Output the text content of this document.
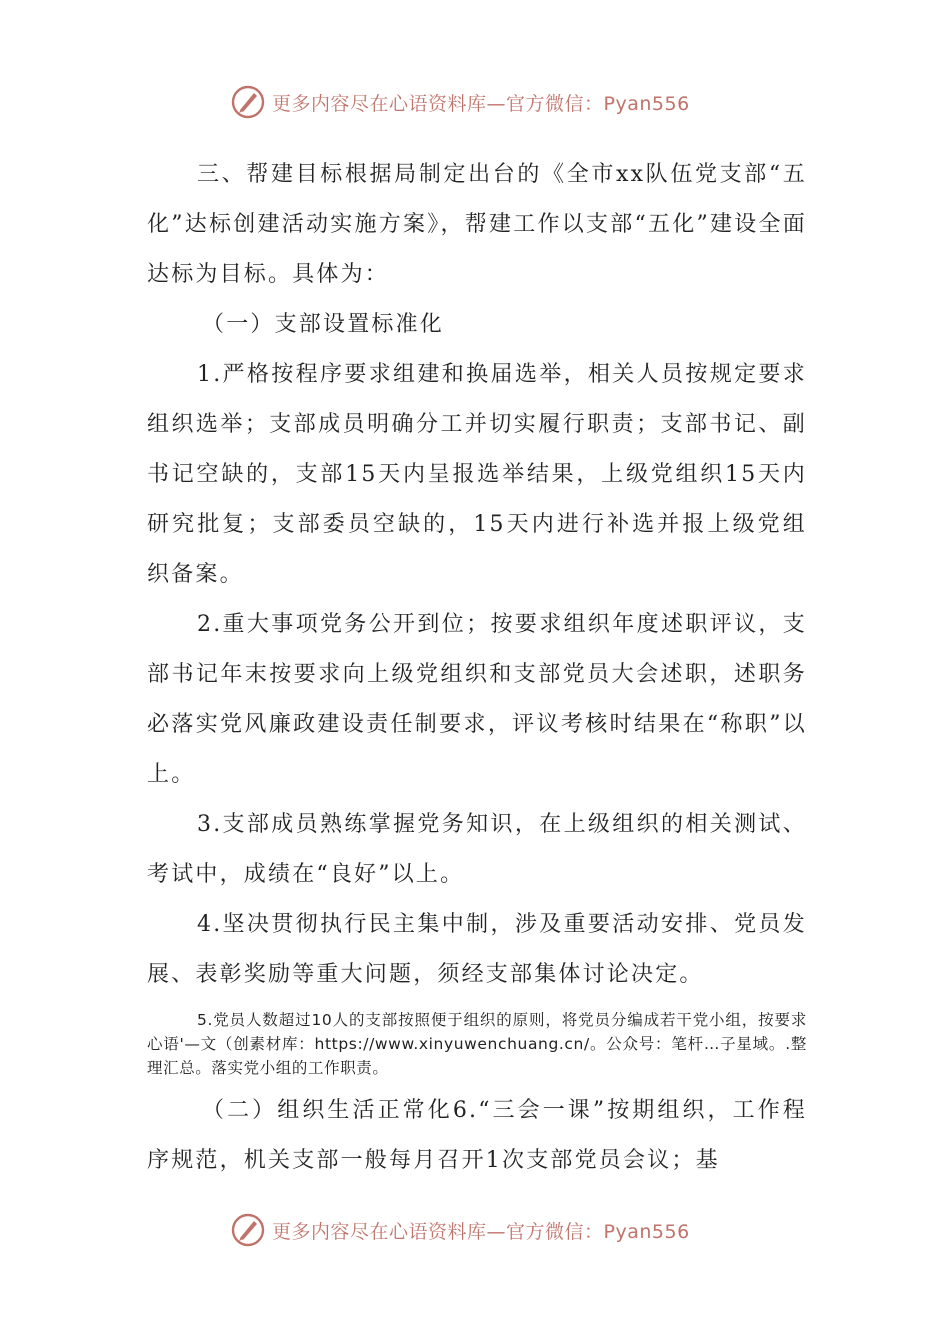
更多内容尽在心语资料库—官方微信：Pyan556

三、帮建目标根据局制定出台的《全市xx队伍党支部“五化”达标创建活动实施方案》，帮建工作以支部“五化”建设全面达标为目标。具体为：

（一）支部设置标准化

1.严格按程序要求组建和换届选举，相关人员按规定要求组织选举；支部成员明确分工并切实履行职责；支部书记、副书记空缺的，支部15天内呈报选举结果，上级党组织15天内研究批复；支部委员空缺的，15天内进行补选并报上级党组织备案。

2.重大事项党务公开到位；按要求组织年度述职评议，支部书记年末按要求向上级党组织和支部党员大会述职，述职务必落实党风廉政建设责任制要求，评议考核时结果在“称职”以上。

3.支部成员熟练掌握党务知识，在上级组织的相关测试、考试中，成绩在“良好”以上。

4.坚决贯彻执行民主集中制，涉及重要活动安排、党员发展、表彰奖励等重大问题，须经支部集体讨论决定。

5.党员人数超过10人的支部按照便于组织的原则，将党员分编成若干党小组，按要求心语'—文（创素材库：https://www.xinyuwenchuang.cn/。公众号：笔杆…子星域。.整理汇总。落实党小组的工作职责。

（二）组织生活正常化6.“三会一课”按期组织，工作程序规范，机关支部一般每月召开1次支部党员会议；基

更多内容尽在心语资料库—官方微信：Pyan556
